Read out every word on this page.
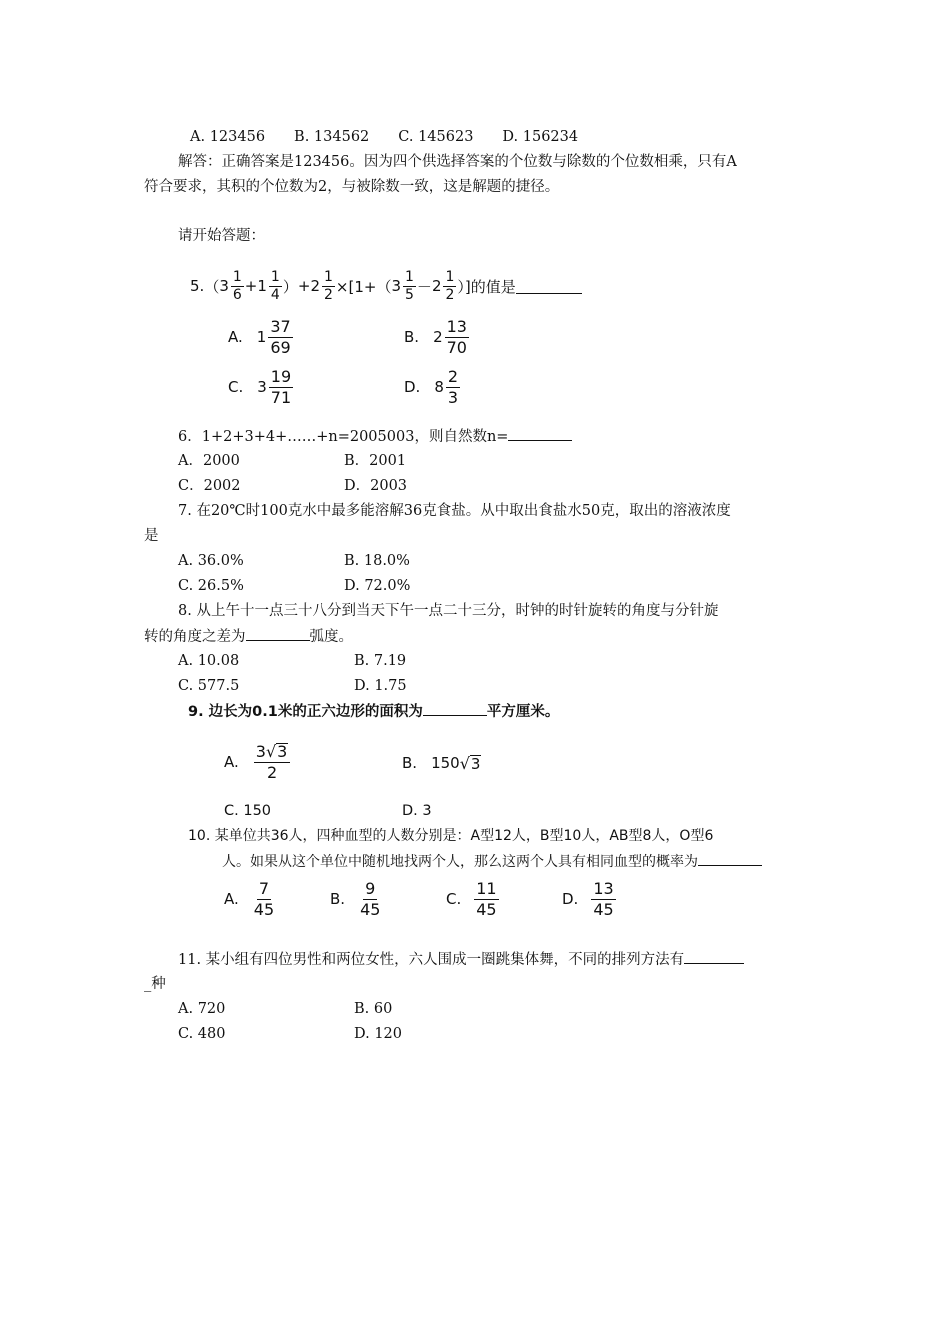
A. 123456　　B. 134562　　C. 145623　　D. 156234
解答：正确答案是123456。因为四个供选择答案的个位数与除数的个位数相乘，只有A
符合要求，其积的个位数为2，与被除数一致，这是解题的捷径。
请开始答题：
5. （ $3 \frac{1}{6} + 1 \frac{1}{4}$ ） + $2 \frac{1}{2} \times[1+$（ $3 \frac{1}{5} - 2 \frac{1}{2}$ ）]的值是
A. $1 \frac{37}{69}$	B. $2 \frac{13}{70}$
C. $3 \frac{19}{71}$	D. $8 \frac{2}{3}$
6．1+2+3+4+……+n=2005003，则自然数n=
A．2000	B．2001
C．2002	D．2003
7. 在20℃时100克水中最多能溶解36克食盐。从中取出食盐水50克，取出的溶液浓度
是
A. 36.0%	B. 18.0%
C. 26.5%	D. 72.0%
8. 从上午十一点三十八分到当天下午一点二十三分，时钟的时针旋转的角度与分针旋
转的角度之差为	弧度。
A. 10.08	B. 7.19
C. 577.5	D. 1.75
9. 边长为0.1米的正六边形的面积为	平方厘米。
A. $\frac{3 √ 3}{2}$	B. 150 √ 3
C. 150	D. 3
10. 某单位共36人，四种血型的人数分别是：A型12人，B型10人，AB型8人，O型6
人。如果从这个单位中随机地找两个人，那么这两个人具有相同血型的概率为
A. $\frac{7}{45}$	B. $\frac{9}{45}$	C. $\frac{11}{45}$	D. $\frac{13}{45}$
11. 某小组有四位男性和两位女性，六人围成一圈跳集体舞，不同的排列方法有
_种
A. 720	B. 60
C. 480	D. 120
